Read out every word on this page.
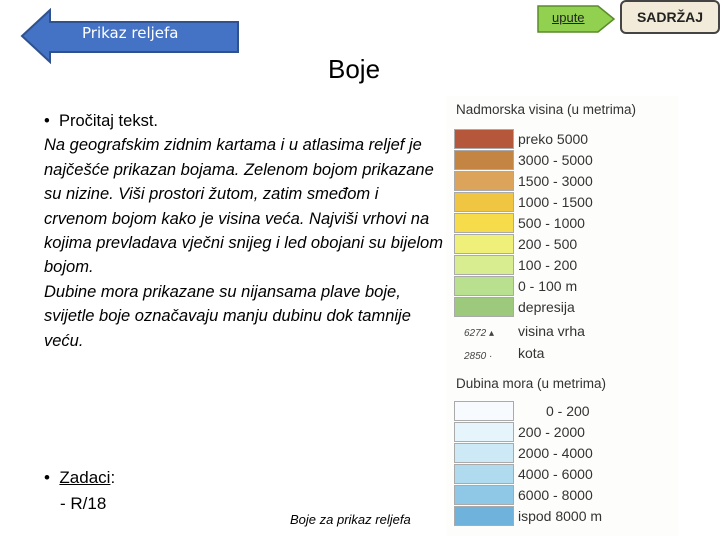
Prikaz reljefa
upute	SADRŽAJ
Boje

•  Pročitaj tekst.

Na geografskim zidnim kartama i u atlasima reljef je najčešće prikazan bojama. Zelenom bojom prikazane su nizine. Viši prostori žutom, zatim smeđom i crvenom bojom kako je visina veća. Najviši vrhovi na kojima prevladava vječni snijeg i led obojani su bijelom bojom.

Dubine mora prikazane su nijansama plave boje, svijetle boje označavaju manju dubinu dok tamnije veću.

•  Zadaci:
- R/18
Boje za prikaz reljefa
Nadmorska visina (u metrima)
preko 5000
3000 - 5000
1500 - 3000
1000 - 1500
500 - 1000
200 - 500
100 - 200
0 - 100 m
depresija
6272 ▴ visina vrha
2850 · kota
Dubina mora (u metrima)
0 - 200
200 - 2000
2000 - 4000
4000 - 6000
6000 - 8000
ispod 8000 m
